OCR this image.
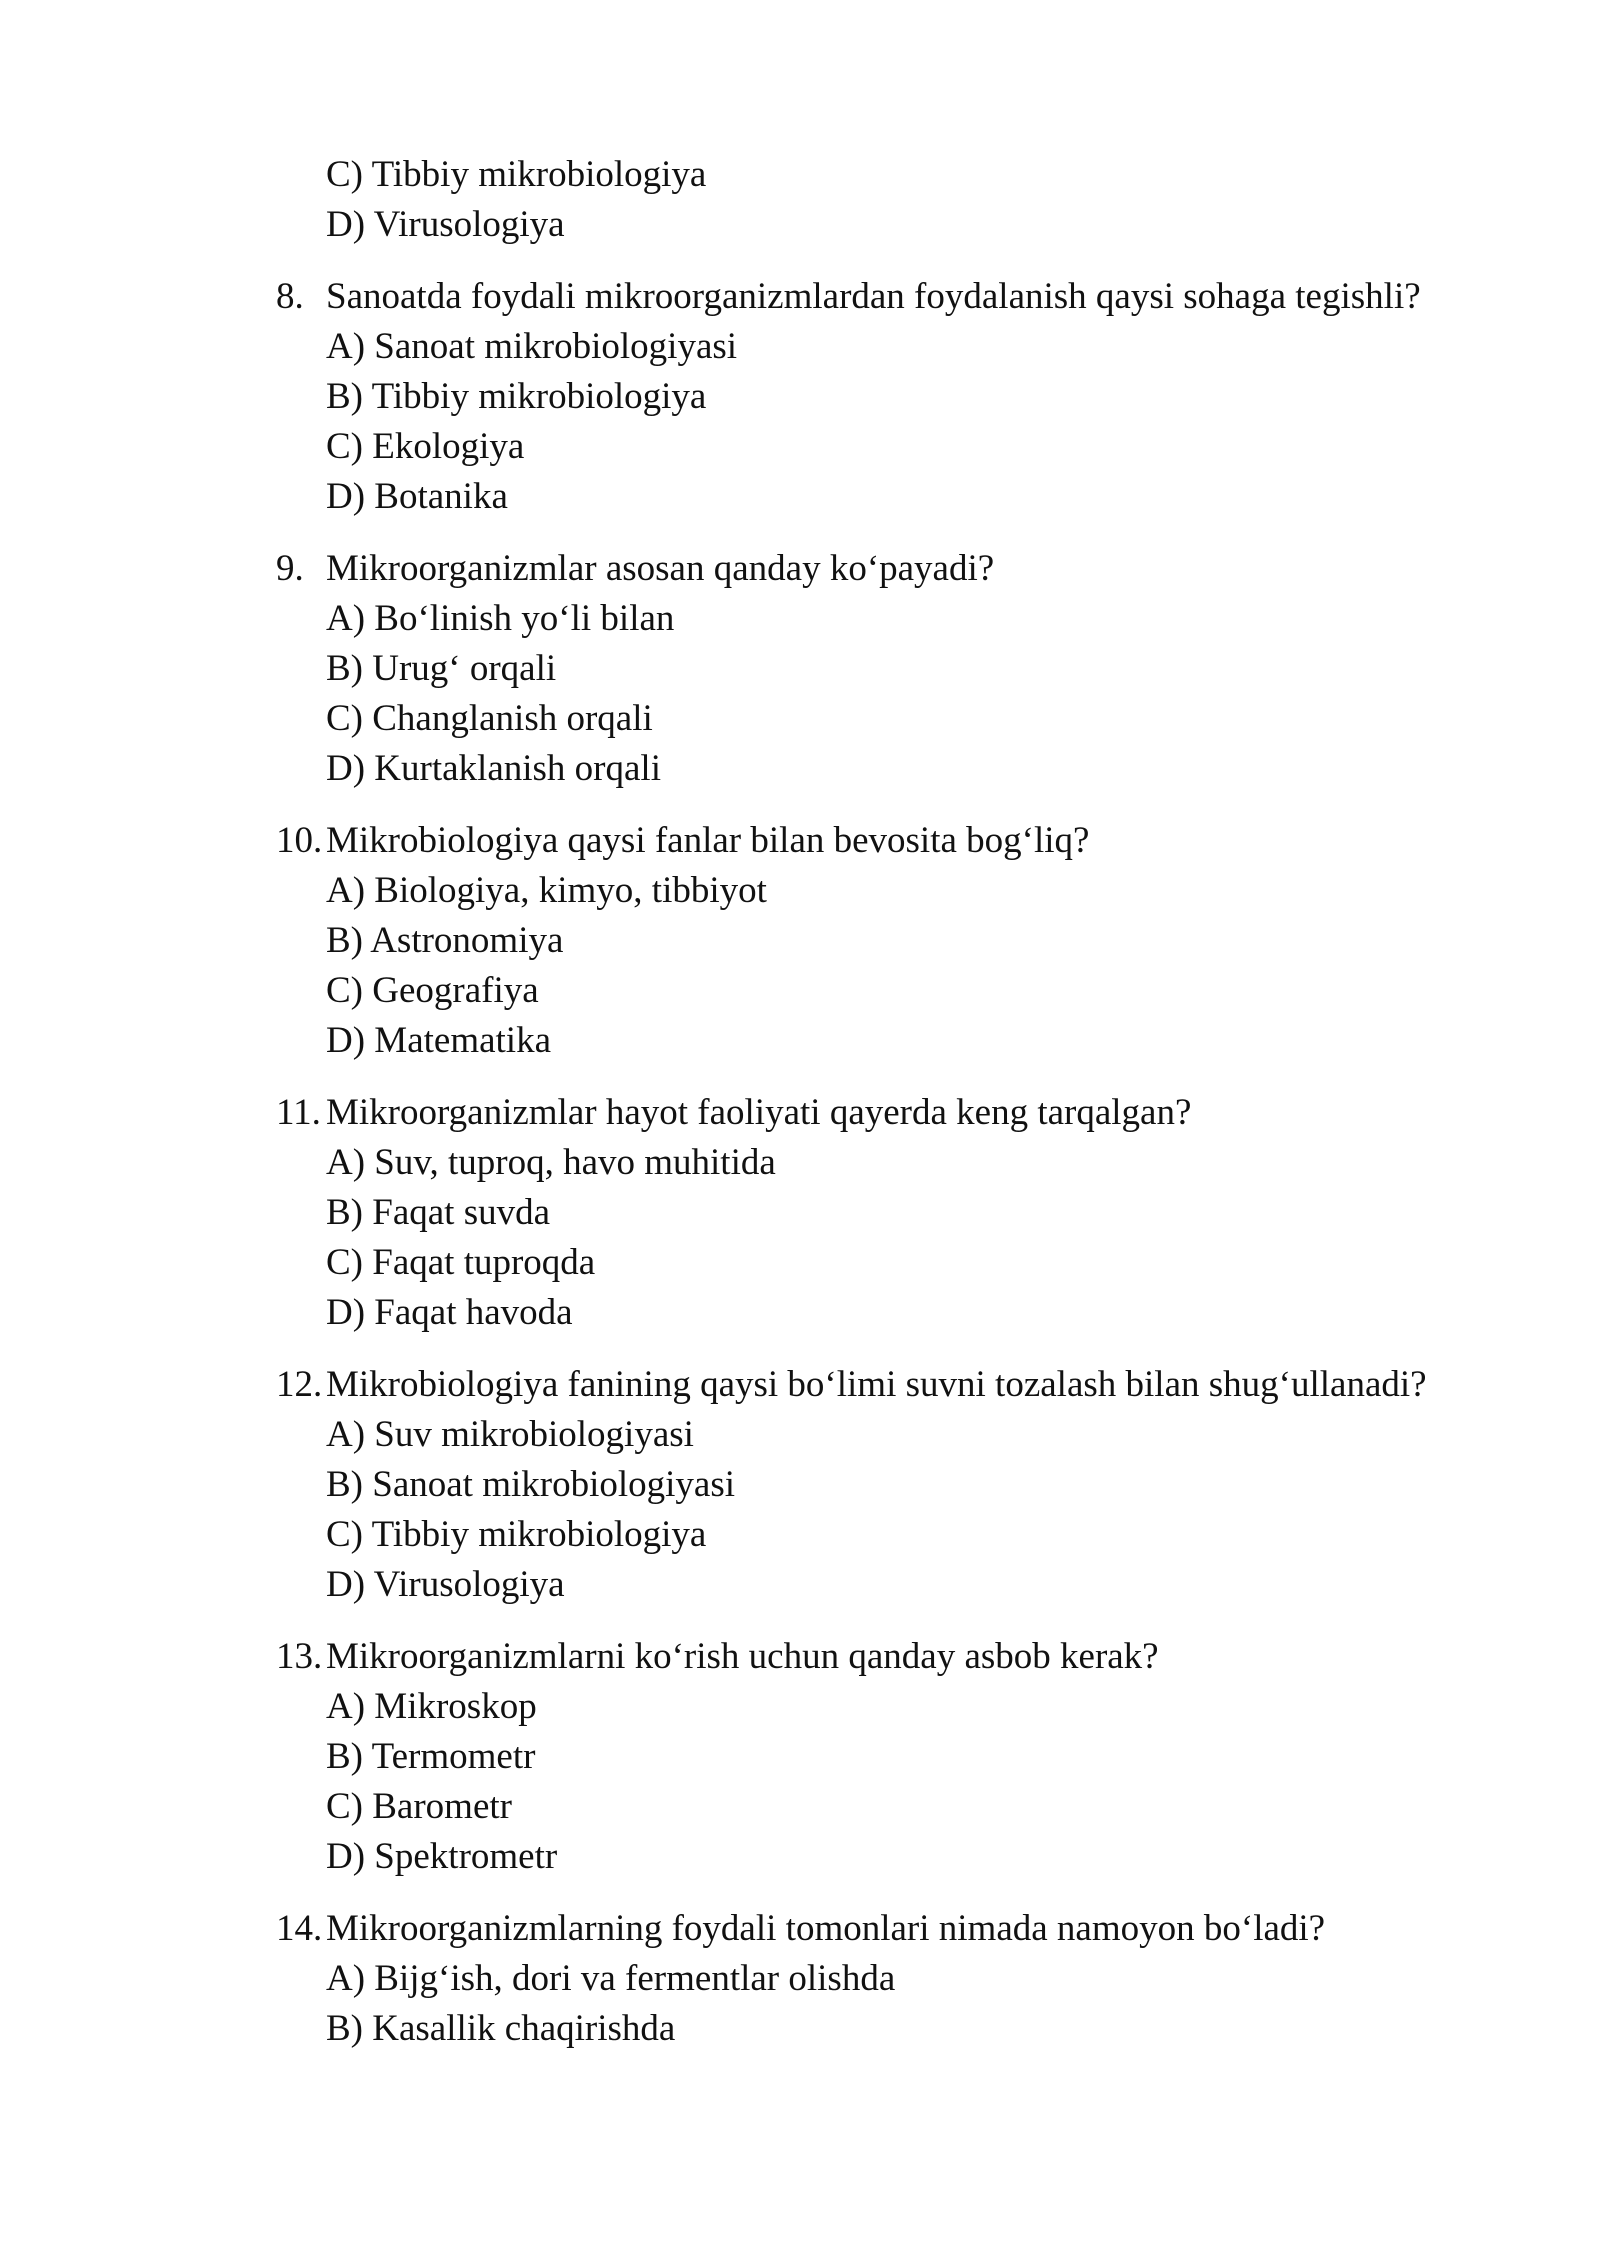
C) Tibbiy mikrobiologiya
D) Virusologiya
8. Sanoatda foydali mikroorganizmlardan foydalanish qaysi sohaga tegishli?
A) Sanoat mikrobiologiyasi
B) Tibbiy mikrobiologiya
C) Ekologiya
D) Botanika
9. Mikroorganizmlar asosan qanday ko‘payadi?
A) Bo‘linish yo‘li bilan
B) Urug‘ orqali
C) Changlanish orqali
D) Kurtaklanish orqali
10. Mikrobiologiya qaysi fanlar bilan bevosita bog‘liq?
A) Biologiya, kimyo, tibbiyot
B) Astronomiya
C) Geografiya
D) Matematika
11. Mikroorganizmlar hayot faoliyati qayerda keng tarqalgan?
A) Suv, tuproq, havo muhitida
B) Faqat suvda
C) Faqat tuproqda
D) Faqat havoda
12. Mikrobiologiya fanining qaysi bo‘limi suvni tozalash bilan shug‘ullanadi?
A) Suv mikrobiologiyasi
B) Sanoat mikrobiologiyasi
C) Tibbiy mikrobiologiya
D) Virusologiya
13. Mikroorganizmlarni ko‘rish uchun qanday asbob kerak?
A) Mikroskop
B) Termometr
C) Barometr
D) Spektrometr
14. Mikroorganizmlarning foydali tomonlari nimada namoyon bo‘ladi?
A) Bijg‘ish, dori va fermentlar olishda
B) Kasallik chaqirishda
